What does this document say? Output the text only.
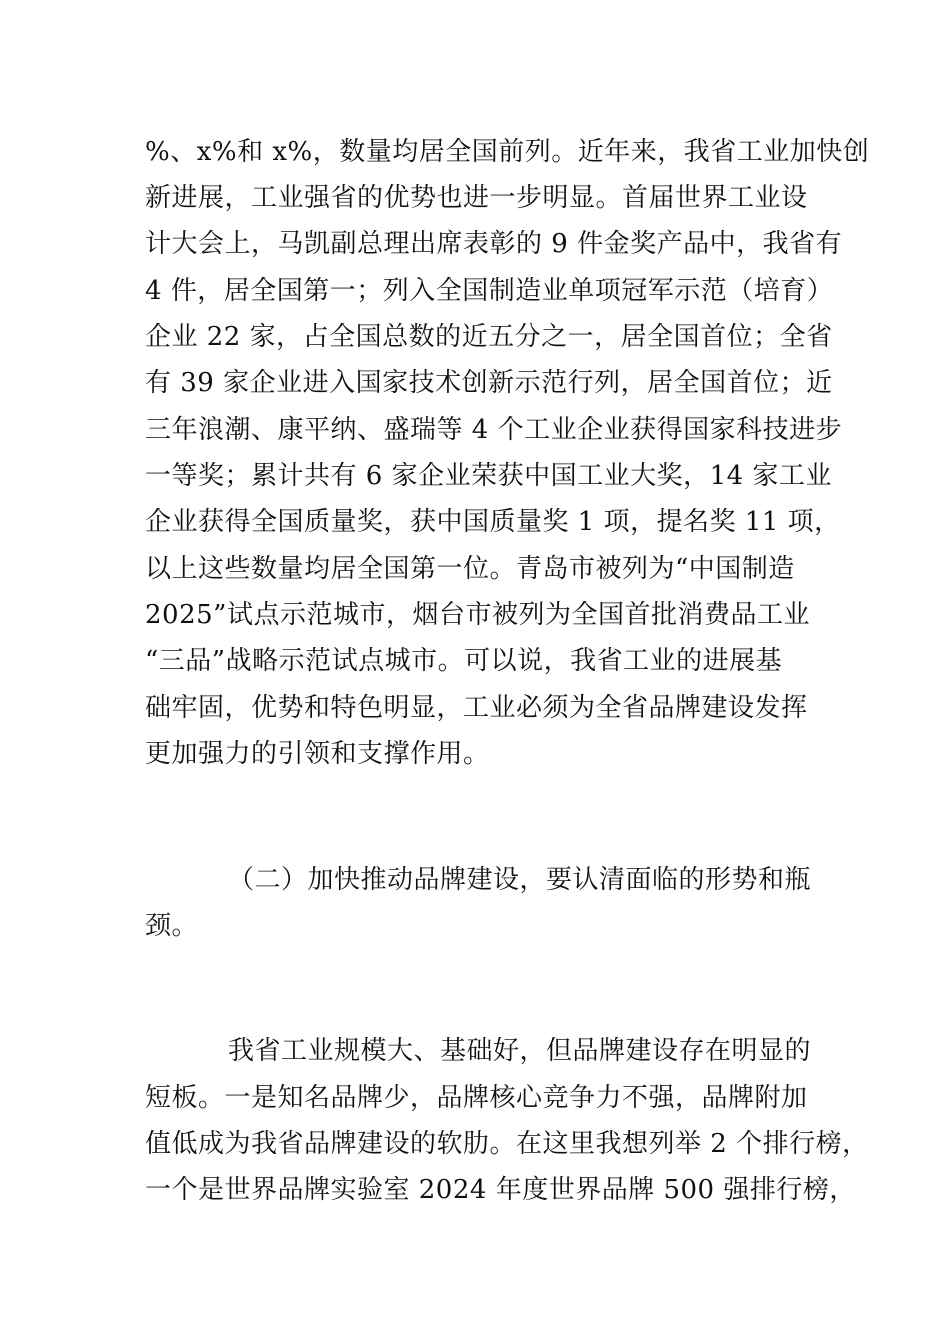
%、x%和 x%，数量均居全国前列。近年来，我省工业加快创
新进展，工业强省的优势也进一步明显。首届世界工业设
计大会上，马凯副总理出席表彰的 9 件金奖产品中，我省有
4 件，居全国第一；列入全国制造业单项冠军示范（培育）
企业 22 家，占全国总数的近五分之一，居全国首位；全省
有 39 家企业进入国家技术创新示范行列，居全国首位；近
三年浪潮、康平纳、盛瑞等 4 个工业企业获得国家科技进步
一等奖；累计共有 6 家企业荣获中国工业大奖，14 家工业
企业获得全国质量奖，获中国质量奖 1 项，提名奖 11 项，
以上这些数量均居全国第一位。青岛市被列为“中国制造
2025”试点示范城市，烟台市被列为全国首批消费品工业
“三品”战略示范试点城市。可以说，我省工业的进展基
础牢固，优势和特色明显，工业必须为全省品牌建设发挥
更加强力的引领和支撑作用。
（二）加快推动品牌建设，要认清面临的形势和瓶
颈。
我省工业规模大、基础好，但品牌建设存在明显的
短板。一是知名品牌少，品牌核心竞争力不强，品牌附加
值低成为我省品牌建设的软肋。在这里我想列举 2 个排行榜，
一个是世界品牌实验室 2024 年度世界品牌 500 强排行榜，
